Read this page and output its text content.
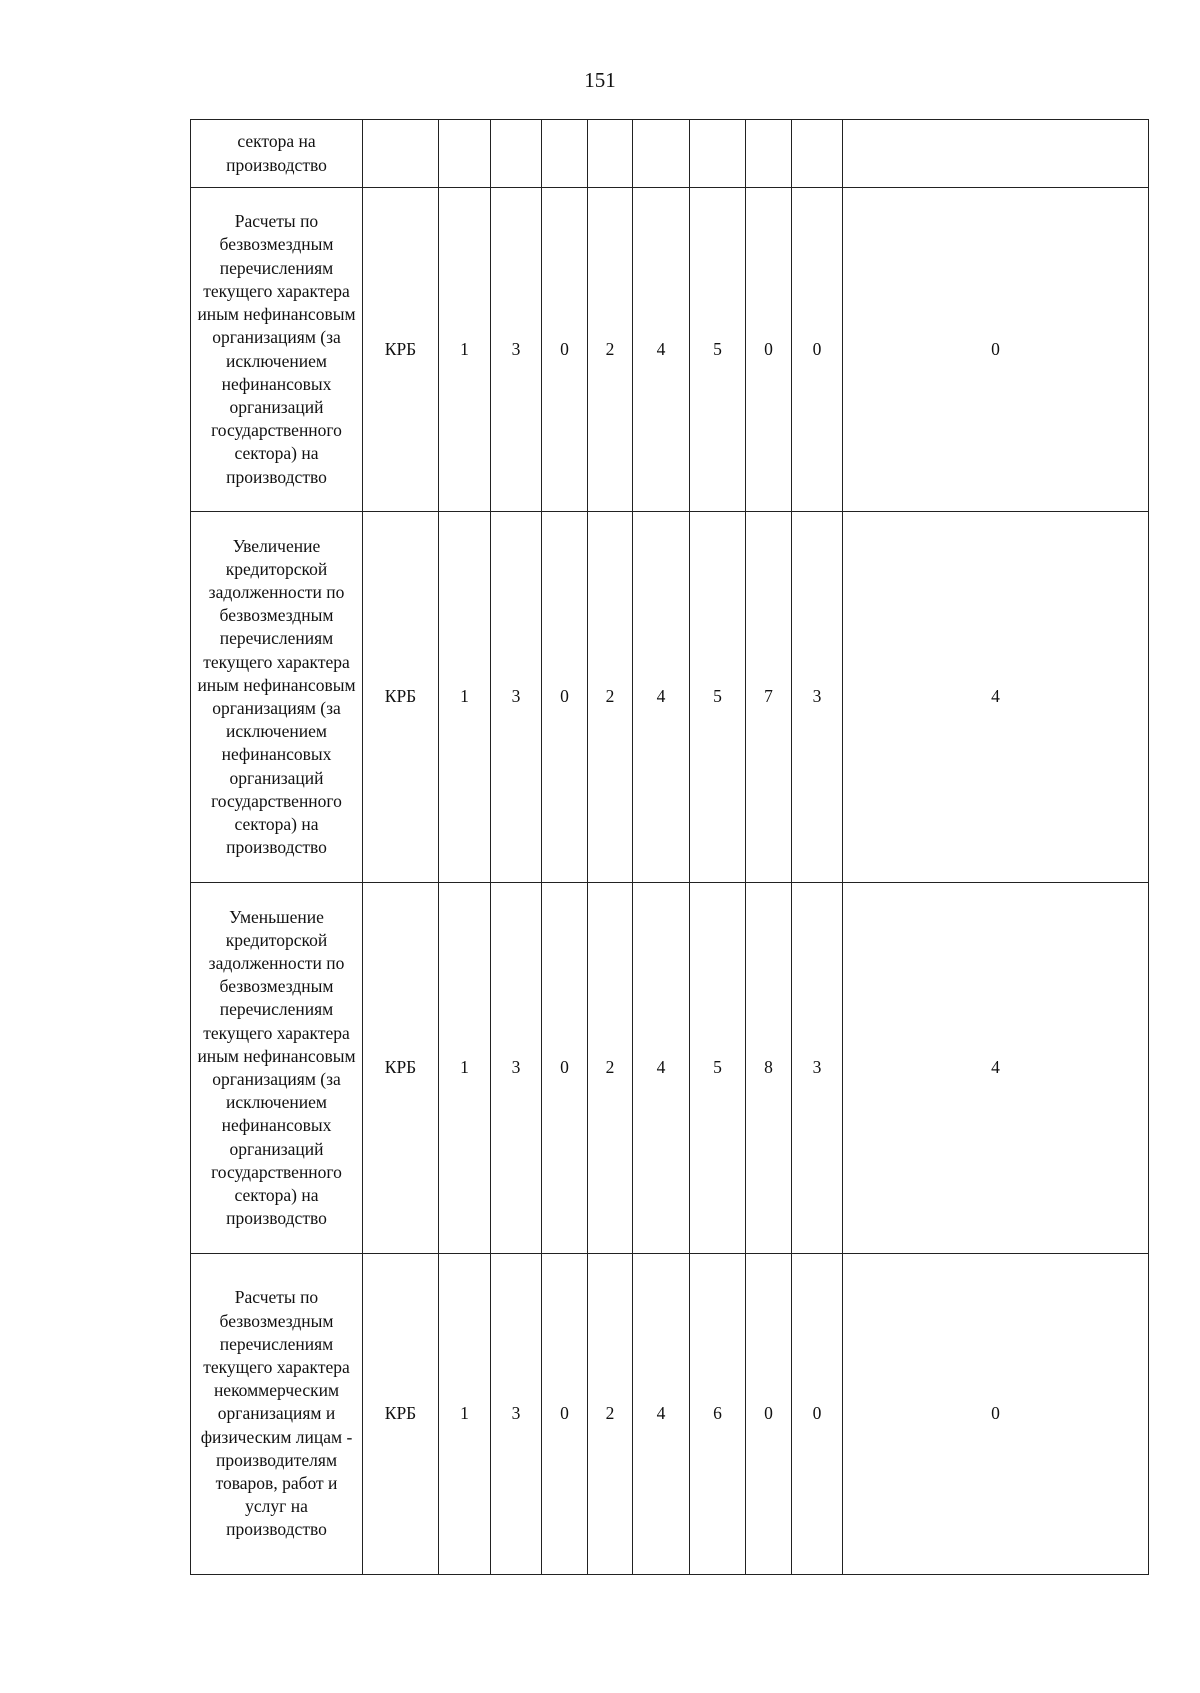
151
сектора на производство											
Расчеты по безвозмездным перечислениям текущего характера иным нефинансовым организациям (за исключением нефинансовых организаций государственного сектора) на производство	КРБ	1	3	0	2	4	5	0	0	0	
Увеличение кредиторской задолженности по безвозмездным перечислениям текущего характера иным нефинансовым организациям (за исключением нефинансовых организаций государственного сектора) на производство	КРБ	1	3	0	2	4	5	7	3	4	
Уменьшение кредиторской задолженности по безвозмездным перечислениям текущего характера иным нефинансовым организациям (за исключением нефинансовых организаций государственного сектора) на производство	КРБ	1	3	0	2	4	5	8	3	4	
Расчеты по безвозмездным перечислениям текущего характера некоммерческим организациям и физическим лицам - производителям товаров, работ и услуг на производство	КРБ	1	3	0	2	4	6	0	0	0	
